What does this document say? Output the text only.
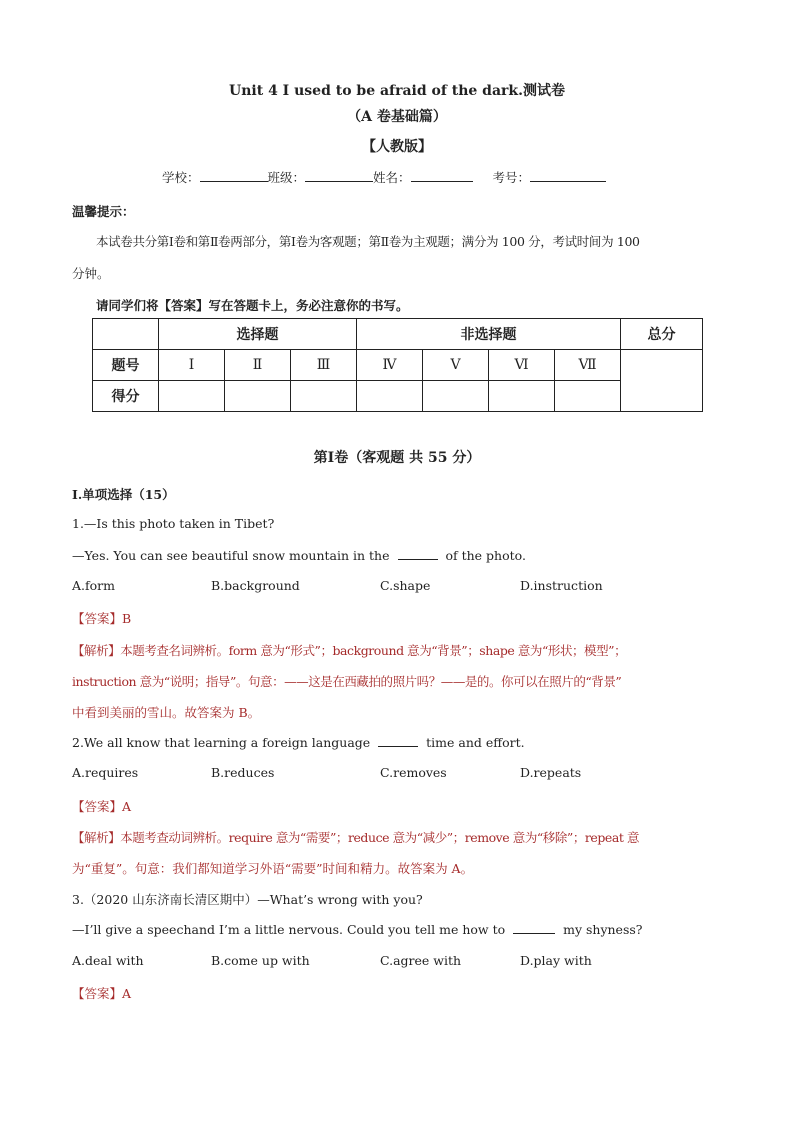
Unit 4 I used to be afraid of the dark.测试卷
（A 卷基础篇）
【人教版】
学校：	班级：	姓名：	考号：
温馨提示：
本试卷共分第Ⅰ卷和第Ⅱ卷两部分，第Ⅰ卷为客观题；第Ⅱ卷为主观题；满分为 100 分，考试时间为 100
分钟。
请同学们将【答案】写在答题卡上，务必注意你的书写。
	选择题			非选择题				总分
题号	Ⅰ	Ⅱ	Ⅲ	Ⅳ	Ⅴ	Ⅵ	Ⅶ	
得分								
第Ⅰ卷（客观题 共 55 分）
Ⅰ.单项选择（15）
1.—Is this photo taken in Tibet?
—Yes. You can see beautiful snow mountain in the	of the photo.
A.form	B.background	C.shape	D.instruction
【答案】B
【解析】本题考查名词辨析。form 意为“形式”；background 意为“背景”；shape 意为“形状；模型”；
instruction 意为“说明；指导”。句意：——这是在西藏拍的照片吗？——是的。你可以在照片的“背景”
中看到美丽的雪山。故答案为 B。
2.We all know that learning a foreign language	time and effort.
A.requires	B.reduces	C.removes	D.repeats
【答案】A
【解析】本题考查动词辨析。require 意为“需要”；reduce 意为“减少”；remove 意为“移除”；repeat 意
为“重复”。句意：我们都知道学习外语“需要”时间和精力。故答案为 A。
3.（2020 山东济南长清区期中）—What’s wrong with you?
—I’ll give a speechand I’m a little nervous. Could you tell me how to	my shyness?
A.deal with	B.come up with	C.agree with	D.play with
【答案】A
